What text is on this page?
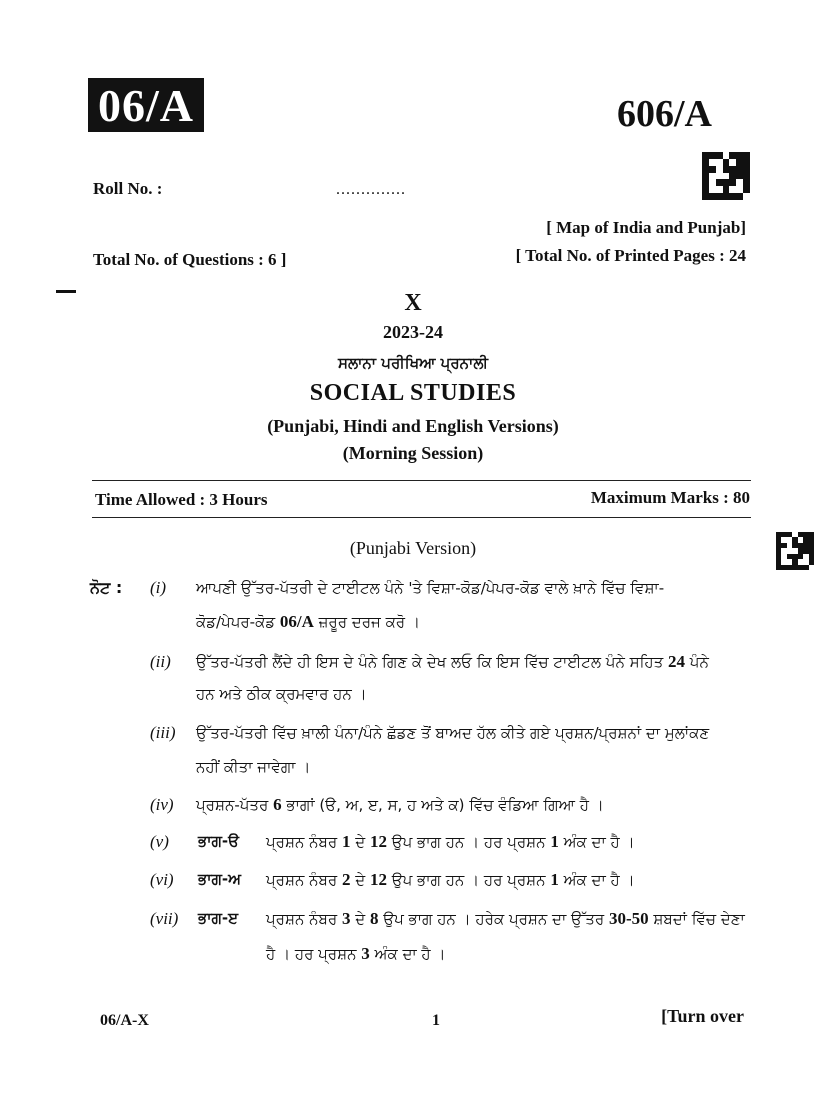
06/A	606/A
Roll No. :	..............
[ Map of India and Punjab]
Total No. of Questions : 6 ]	[ Total No. of Printed Pages : 24
X
2023-24
ਸਲਾਨਾ ਪਰੀਖਿਆ ਪ੍ਰਨਾਲੀ
SOCIAL STUDIES
(Punjabi, Hindi and English Versions)
(Morning Session)
Time Allowed : 3 Hours	Maximum Marks : 80
(Punjabi Version)
ਨੋਟ : (i) ਆਪਣੀ ਉੱਤਰ-ਪੱਤਰੀ ਦੇ ਟਾਈਟਲ ਪੰਨੇ 'ਤੇ ਵਿਸ਼ਾ-ਕੋਡ/ਪੇਪਰ-ਕੋਡ ਵਾਲੇ ਖ਼ਾਨੇ ਵਿੱਚ ਵਿਸ਼ਾ-
ਕੋਡ/ਪੇਪਰ-ਕੋਡ 06/A ਜ਼ਰੂਰ ਦਰਜ ਕਰੋ ।
(ii) ਉੱਤਰ-ਪੱਤਰੀ ਲੈਂਦੇ ਹੀ ਇਸ ਦੇ ਪੰਨੇ ਗਿਣ ਕੇ ਦੇਖ ਲਓ ਕਿ ਇਸ ਵਿੱਚ ਟਾਈਟਲ ਪੰਨੇ ਸਹਿਤ 24 ਪੰਨੇ
ਹਨ ਅਤੇ ਠੀਕ ਕ੍ਰਮਵਾਰ ਹਨ ।
(iii) ਉੱਤਰ-ਪੱਤਰੀ ਵਿੱਚ ਖ਼ਾਲੀ ਪੰਨਾ/ਪੰਨੇ ਛੱਡਣ ਤੋਂ ਬਾਅਦ ਹੱਲ ਕੀਤੇ ਗਏ ਪ੍ਰਸ਼ਨ/ਪ੍ਰਸ਼ਨਾਂ ਦਾ ਮੁਲਾਂਕਣ
ਨਹੀਂ ਕੀਤਾ ਜਾਵੇਗਾ ।
(iv) ਪ੍ਰਸ਼ਨ-ਪੱਤਰ 6 ਭਾਗਾਂ (ੳ, ਅ, ੲ, ਸ, ਹ ਅਤੇ ਕ) ਵਿੱਚ ਵੰਡਿਆ ਗਿਆ ਹੈ ।
(v) ਭਾਗ-ੳ ਪ੍ਰਸ਼ਨ ਨੰਬਰ 1 ਦੇ 12 ਉਪ ਭਾਗ ਹਨ । ਹਰ ਪ੍ਰਸ਼ਨ 1 ਅੰਕ ਦਾ ਹੈ ।
(vi) ਭਾਗ-ਅ ਪ੍ਰਸ਼ਨ ਨੰਬਰ 2 ਦੇ 12 ਉਪ ਭਾਗ ਹਨ । ਹਰ ਪ੍ਰਸ਼ਨ 1 ਅੰਕ ਦਾ ਹੈ ।
(vii) ਭਾਗ-ੲ ਪ੍ਰਸ਼ਨ ਨੰਬਰ 3 ਦੇ 8 ਉਪ ਭਾਗ ਹਨ । ਹਰੇਕ ਪ੍ਰਸ਼ਨ ਦਾ ਉੱਤਰ 30-50 ਸ਼ਬਦਾਂ ਵਿੱਚ ਦੇਣਾ
ਹੈ । ਹਰ ਪ੍ਰਸ਼ਨ 3 ਅੰਕ ਦਾ ਹੈ ।
06/A-X	1	[Turn over
